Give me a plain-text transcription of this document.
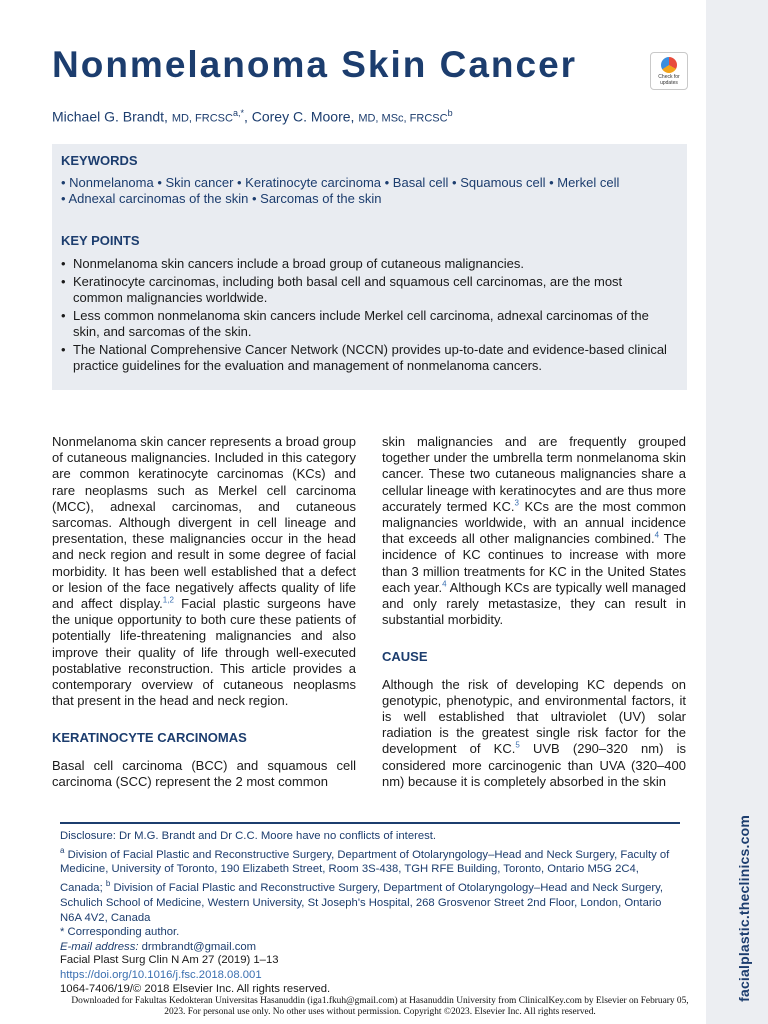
facialplastic.theclinics.com
Nonmelanoma Skin Cancer	Check for updates
Michael G. Brandt, MD, $FRCSC^{a,*}$, Corey C. Moore, MD, MSc, FRCSC$^b$
KEYWORDS
• Nonmelanoma • Skin cancer • Keratinocyte carcinoma • Basal cell • Squamous cell • Merkel cell
• Adnexal carcinomas of the skin • Sarcomas of the skin
KEY POINTS
• Nonmelanoma skin cancers include a broad group of cutaneous malignancies.
• Keratinocyte carcinomas, including both basal cell and squamous cell carcinomas, are the most common malignancies worldwide.
• Less common nonmelanoma skin cancers include Merkel cell carcinoma, adnexal carcinomas of the skin, and sarcomas of the skin.
• The National Comprehensive Cancer Network (NCCN) provides up-to-date and evidence-based clinical practice guidelines for the evaluation and management of nonmelanoma cancers.

Nonmelanoma skin cancer represents a broad group of cutaneous malignancies. Included in this category are common keratinocyte carcinomas (KCs) and rare neoplasms such as Merkel cell carcinoma (MCC), adnexal carcinomas, and cutaneous sarcomas. Although divergent in cell lineage and presentation, these malignancies occur in the head and neck region and result in some degree of facial morbidity. It has been well established that a defect or lesion of the face negatively affects quality of life and affect display.$^{1,2}$ Facial plastic surgeons have the unique opportunity to both cure these patients of potentially life-threatening malignancies and also improve their quality of life through well-executed postablative reconstruction. This article provides a contemporary overview of cutaneous neoplasms that present in the head and neck region.

KERATINOCYTE CARCINOMAS

Basal cell carcinoma (BCC) and squamous cell carcinoma (SCC) represent the 2 most common

skin malignancies and are frequently grouped together under the umbrella term nonmelanoma skin cancer. These two cutaneous malignancies share a cellular lineage with keratinocytes and are thus more accurately termed KC.$^3$ KCs are the most common malignancies worldwide, with an annual incidence that exceeds all other malignancies combined.$^4$ The incidence of KC continues to increase with more than 3 million treatments for KC in the United States each year.$^4$ Although KCs are typically well managed and only rarely metastasize, they can result in substantial morbidity.

CAUSE

Although the risk of developing KC depends on genotypic, phenotypic, and environmental factors, it is well established that ultraviolet (UV) solar radiation is the greatest single risk factor for the development of KC.$^5$ UVB (290–320 nm) is considered more carcinogenic than UVA (320–400 nm) because it is completely absorbed in the skin

Disclosure: Dr M.G. Brandt and Dr C.C. Moore have no conflicts of interest.

$^a$ Division of Facial Plastic and Reconstructive Surgery, Department of Otolaryngology–Head and Neck Surgery, Faculty of Medicine, University of Toronto, 190 Elizabeth Street, Room 3S-438, TGH RFE Building, Toronto, Ontario M5G 2C4, Canada; $^b$ Division of Facial Plastic and Reconstructive Surgery, Department of Otolaryngology–Head and Neck Surgery, Schulich School of Medicine, Western University, St Joseph's Hospital, 268 Grosvenor Street 2nd Floor, London, Ontario N6A 4V2, Canada

* Corresponding author.

E-mail address: drmbrandt@gmail.com

Facial Plast Surg Clin N Am 27 (2019) 1–13

https://doi.org/10.1016/j.fsc.2018.08.001

1064-7406/19/© 2018 Elsevier Inc. All rights reserved.

Downloaded for Fakultas Kedokteran Universitas Hasanuddin (iga1.fkuh@gmail.com) at Hasanuddin University from ClinicalKey.com by Elsevier on February 05, 2023. For personal use only. No other uses without permission. Copyright ©2023. Elsevier Inc. All rights reserved.
